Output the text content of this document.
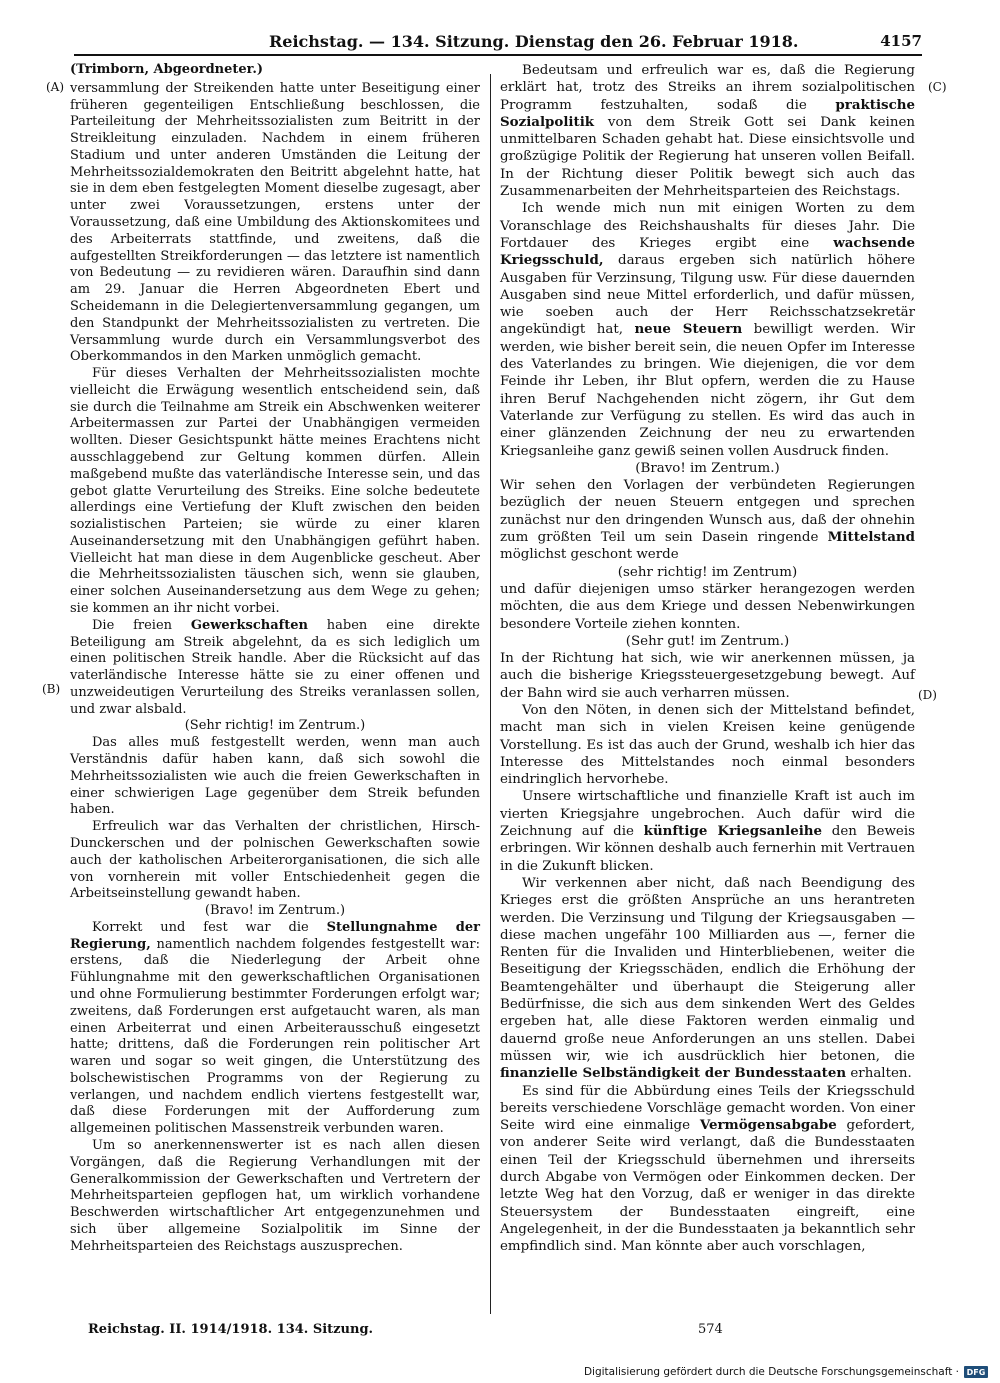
Reichstag. — 134. Sitzung. Dienstag den 26. Februar 1918.	4157
(A)
(B)
(C)
(D)

(Trimborn, Abgeordneter.)

versammlung der Streikenden hatte unter Beseitigung einer früheren gegenteiligen Entschließung beschlossen, die Parteileitung der Mehrheitssozialisten zum Beitritt in der Streikleitung einzuladen. Nachdem in einem früheren Stadium und unter anderen Umständen die Leitung der Mehrheitssozialdemokraten den Beitritt abgelehnt hatte, hat sie in dem eben festgelegten Moment dieselbe zugesagt, aber unter zwei Voraussetzungen, erstens unter der Voraussetzung, daß eine Umbildung des Aktionskomitees und des Arbeiterrats stattfinde, und zweitens, daß die aufgestellten Streikforderungen — das letztere ist namentlich von Bedeutung — zu revidieren wären. Daraufhin sind dann am 29. Januar die Herren Abgeordneten Ebert und Scheidemann in die Delegiertenversammlung gegangen, um den Standpunkt der Mehrheitssozialisten zu vertreten. Die Versammlung wurde durch ein Versammlungsverbot des Oberkommandos in den Marken unmöglich gemacht.

Für dieses Verhalten der Mehrheitssozialisten mochte vielleicht die Erwägung wesentlich entscheidend sein, daß sie durch die Teilnahme am Streik ein Abschwenken weiterer Arbeitermassen zur Partei der Unabhängigen vermeiden wollten. Dieser Gesichtspunkt hätte meines Erachtens nicht ausschlaggebend zur Geltung kommen dürfen. Allein maßgebend mußte das vaterländische Interesse sein, und das gebot glatte Verurteilung des Streiks. Eine solche bedeutete allerdings eine Vertiefung der Kluft zwischen den beiden sozialistischen Parteien; sie würde zu einer klaren Auseinandersetzung mit den Unabhängigen geführt haben. Vielleicht hat man diese in dem Augenblicke gescheut. Aber die Mehrheitssozialisten täuschen sich, wenn sie glauben, einer solchen Auseinandersetzung aus dem Wege zu gehen; sie kommen an ihr nicht vorbei.

Die freien Gewerkschaften haben eine direkte Beteiligung am Streik abgelehnt, da es sich lediglich um einen politischen Streik handle. Aber die Rücksicht auf das vaterländische Interesse hätte sie zu einer offenen und unzweideutigen Verurteilung des Streiks veranlassen sollen, und zwar alsbald.

(Sehr richtig! im Zentrum.)

Das alles muß festgestellt werden, wenn man auch Verständnis dafür haben kann, daß sich sowohl die Mehrheitssozialisten wie auch die freien Gewerkschaften in einer schwierigen Lage gegenüber dem Streik befunden haben.

Erfreulich war das Verhalten der christlichen, Hirsch-Dunckerschen und der polnischen Gewerkschaften sowie auch der katholischen Arbeiterorganisationen, die sich alle von vornherein mit voller Entschiedenheit gegen die Arbeitseinstellung gewandt haben.

(Bravo! im Zentrum.)

Korrekt und fest war die Stellungnahme der Regierung, namentlich nachdem folgendes festgestellt war: erstens, daß die Niederlegung der Arbeit ohne Fühlungnahme mit den gewerkschaftlichen Organisationen und ohne Formulierung bestimmter Forderungen erfolgt war; zweitens, daß Forderungen erst aufgetaucht waren, als man einen Arbeiterrat und einen Arbeiterausschuß eingesetzt hatte; drittens, daß die Forderungen rein politischer Art waren und sogar so weit gingen, die Unterstützung des bolschewistischen Programms von der Regierung zu verlangen, und nachdem endlich viertens festgestellt war, daß diese Forderungen mit der Aufforderung zum allgemeinen politischen Massenstreik verbunden waren.

Um so anerkennenswerter ist es nach allen diesen Vorgängen, daß die Regierung Verhandlungen mit der Generalkommission der Gewerkschaften und Vertretern der Mehrheitsparteien gepflogen hat, um wirklich vorhandene Beschwerden wirtschaftlicher Art entgegenzunehmen und sich über allgemeine Sozialpolitik im Sinne der Mehrheitsparteien des Reichstags auszusprechen.

Bedeutsam und erfreulich war es, daß die Regierung erklärt hat, trotz des Streiks an ihrem sozialpolitischen Programm festzuhalten, sodaß die praktische Sozialpolitik von dem Streik Gott sei Dank keinen unmittelbaren Schaden gehabt hat. Diese einsichtsvolle und großzügige Politik der Regierung hat unseren vollen Beifall. In der Richtung dieser Politik bewegt sich auch das Zusammenarbeiten der Mehrheitsparteien des Reichstags.

Ich wende mich nun mit einigen Worten zu dem Voranschlage des Reichshaushalts für dieses Jahr. Die Fortdauer des Krieges ergibt eine wachsende Kriegsschuld, daraus ergeben sich natürlich höhere Ausgaben für Verzinsung, Tilgung usw. Für diese dauernden Ausgaben sind neue Mittel erforderlich, und dafür müssen, wie soeben auch der Herr Reichsschatzsekretär angekündigt hat, neue Steuern bewilligt werden. Wir werden, wie bisher bereit sein, die neuen Opfer im Interesse des Vaterlandes zu bringen. Wie diejenigen, die vor dem Feinde ihr Leben, ihr Blut opfern, werden die zu Hause ihren Beruf Nachgehenden nicht zögern, ihr Gut dem Vaterlande zur Verfügung zu stellen. Es wird das auch in einer glänzenden Zeichnung der neu zu erwartenden Kriegsanleihe ganz gewiß seinen vollen Ausdruck finden.

(Bravo! im Zentrum.)

Wir sehen den Vorlagen der verbündeten Regierungen bezüglich der neuen Steuern entgegen und sprechen zunächst nur den dringenden Wunsch aus, daß der ohnehin zum größten Teil um sein Dasein ringende Mittelstand möglichst geschont werde

(sehr richtig! im Zentrum)

und dafür diejenigen umso stärker herangezogen werden möchten, die aus dem Kriege und dessen Nebenwirkungen besondere Vorteile ziehen konnten.

(Sehr gut! im Zentrum.)

In der Richtung hat sich, wie wir anerkennen müssen, ja auch die bisherige Kriegssteuergesetzgebung bewegt. Auf der Bahn wird sie auch verharren müssen.

Von den Nöten, in denen sich der Mittelstand befindet, macht man sich in vielen Kreisen keine genügende Vorstellung. Es ist das auch der Grund, weshalb ich hier das Interesse des Mittelstandes noch einmal besonders eindringlich hervorhebe.

Unsere wirtschaftliche und finanzielle Kraft ist auch im vierten Kriegsjahre ungebrochen. Auch dafür wird die Zeichnung auf die künftige Kriegsanleihe den Beweis erbringen. Wir können deshalb auch fernerhin mit Vertrauen in die Zukunft blicken.

Wir verkennen aber nicht, daß nach Beendigung des Krieges erst die größten Ansprüche an uns herantreten werden. Die Verzinsung und Tilgung der Kriegsausgaben — diese machen ungefähr 100 Milliarden aus —, ferner die Renten für die Invaliden und Hinterbliebenen, weiter die Beseitigung der Kriegsschäden, endlich die Erhöhung der Beamtengehälter und überhaupt die Steigerung aller Bedürfnisse, die sich aus dem sinkenden Wert des Geldes ergeben hat, alle diese Faktoren werden einmalig und dauernd große neue Anforderungen an uns stellen. Dabei müssen wir, wie ich ausdrücklich hier betonen, die finanzielle Selbständigkeit der Bundesstaaten erhalten.

Es sind für die Abbürdung eines Teils der Kriegsschuld bereits verschiedene Vorschläge gemacht worden. Von einer Seite wird eine einmalige Vermögensabgabe gefordert, von anderer Seite wird verlangt, daß die Bundesstaaten einen Teil der Kriegsschuld übernehmen und ihrerseits durch Abgabe von Vermögen oder Einkommen decken. Der letzte Weg hat den Vorzug, daß er weniger in das direkte Steuersystem der Bundesstaaten eingreift, eine Angelegenheit, in der die Bundesstaaten ja bekanntlich sehr empfindlich sind. Man könnte aber auch vorschlagen,

Reichstag. II. 1914/1918. 134. Sitzung.	574
Digitalisierung gefördert durch die Deutsche Forschungsgemeinschaft · DFG
